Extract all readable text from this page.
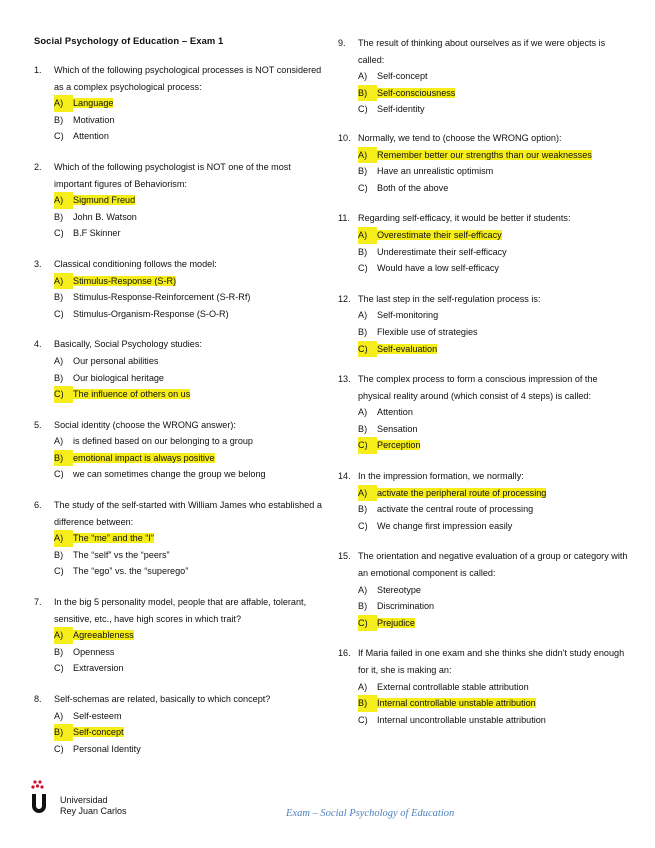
Social Psychology of Education – Exam 1
1.	Which of the following psychological processes is NOT considered as a complex psychological process:
A)	Language
B)	Motivation
C)	Attention
2.	Which of the following psychologist is NOT one of the most important figures of Behaviorism:
A)	Sigmund Freud
B)	John B. Watson
C)	B.F Skinner
3.	Classical conditioning follows the model:
A)	Stimulus-Response (S-R)
B)	Stimulus-Response-Reinforcement (S-R-Rf)
C)	Stimulus-Organism-Response (S-O-R)
4.	Basically, Social Psychology studies:
A)	Our personal abilities
B)	Our biological heritage
C)	The influence of others on us
5.	Social identity (choose the WRONG answer):
A)	is defined based on our belonging to a group
B)	emotional impact is always positive
C)	we can sometimes change the group we belong
6.	The study of the self-started with William James who established a difference between:
A)	The “me” and the “I”
B)	The “self” vs the “peers”
C)	The “ego” vs. the “superego”
7.	In the big 5 personality model, people that are affable, tolerant, sensitive, etc., have high scores in which trait?
A)	Agreeableness
B)	Openness
C)	Extraversion
8.	Self-schemas are related, basically to which concept?
A)	Self-esteem
B)	Self-concept
C)	Personal Identity
9.	The result of thinking about ourselves as if we were objects is called:
A)	Self-concept
B)	Self-consciousness
C)	Self-identity
10. Normally, we tend to (choose the WRONG option):
A)	Remember better our strengths than our weaknesses
B)	Have an unrealistic optimism
C)	Both of the above
11. Regarding self-efficacy, it would be better if students:
A)	Overestimate their self-efficacy
B)	Underestimate their self-efficacy
C)	Would have a low self-efficacy
12. The last step in the self-regulation process is:
A)	Self-monitoring
B)	Flexible use of strategies
C)	Self-evaluation
13. The complex process to form a conscious impression of the physical reality around (which consist of 4 steps) is called:
A)	Attention
B)	Sensation
C)	Perception
14. In the impression formation, we normally:
A)	activate the peripheral route of processing
B)	activate the central route of processing
C)	We change first impression easily
15. The orientation and negative evaluation of a group or category with an emotional component is called:
A)	Stereotype
B)	Discrimination
C)	Prejudice
16. If Maria failed in one exam and she thinks she didn't study enough for it, she is making an:
A)	External controllable stable attribution
B)	Internal controllable unstable attribution
C)	Internal uncontrollable unstable attribution
Universidad
Rey Juan Carlos	Exam – Social Psychology of Education
